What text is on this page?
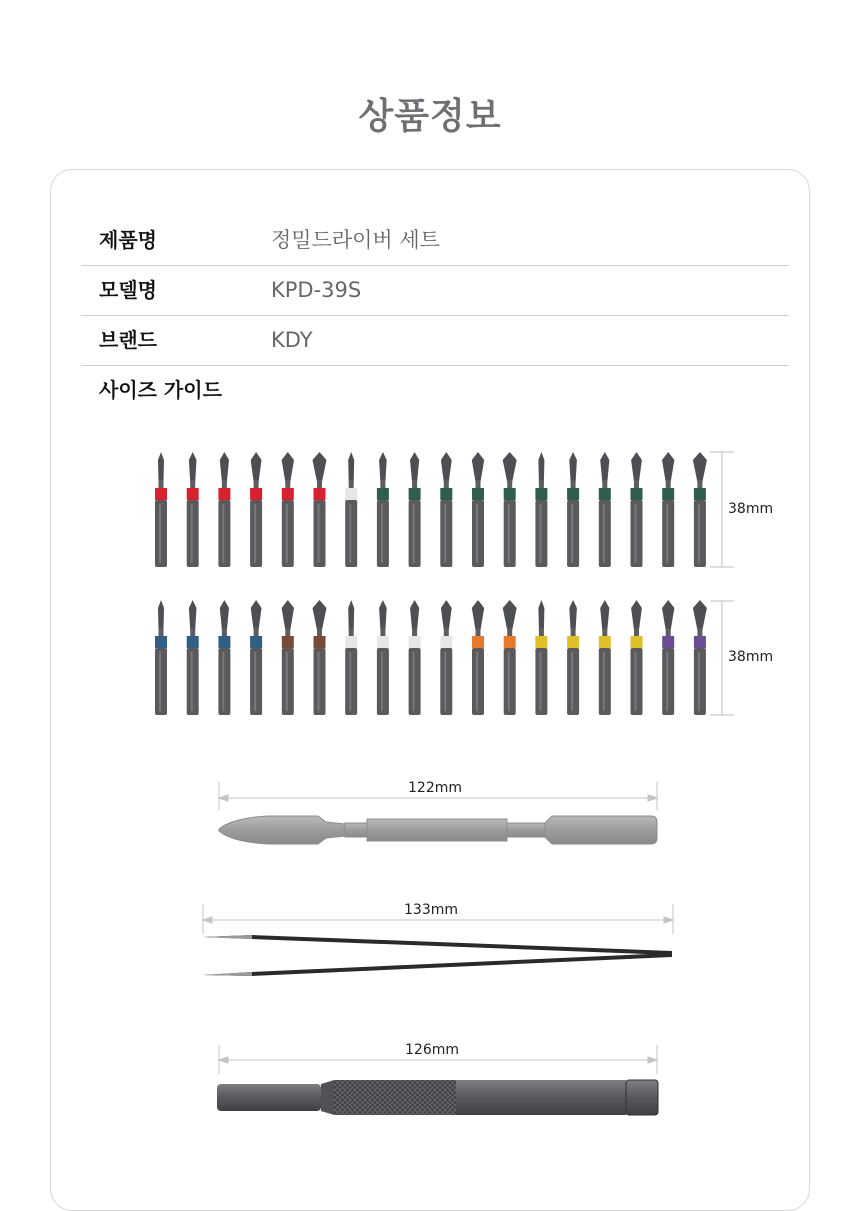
상품정보
제품명	정밀드라이버 세트
모델명	KPD-39S
브랜드	KDY
사이즈 가이드
38mm
38mm
122mm
133mm
126mm
